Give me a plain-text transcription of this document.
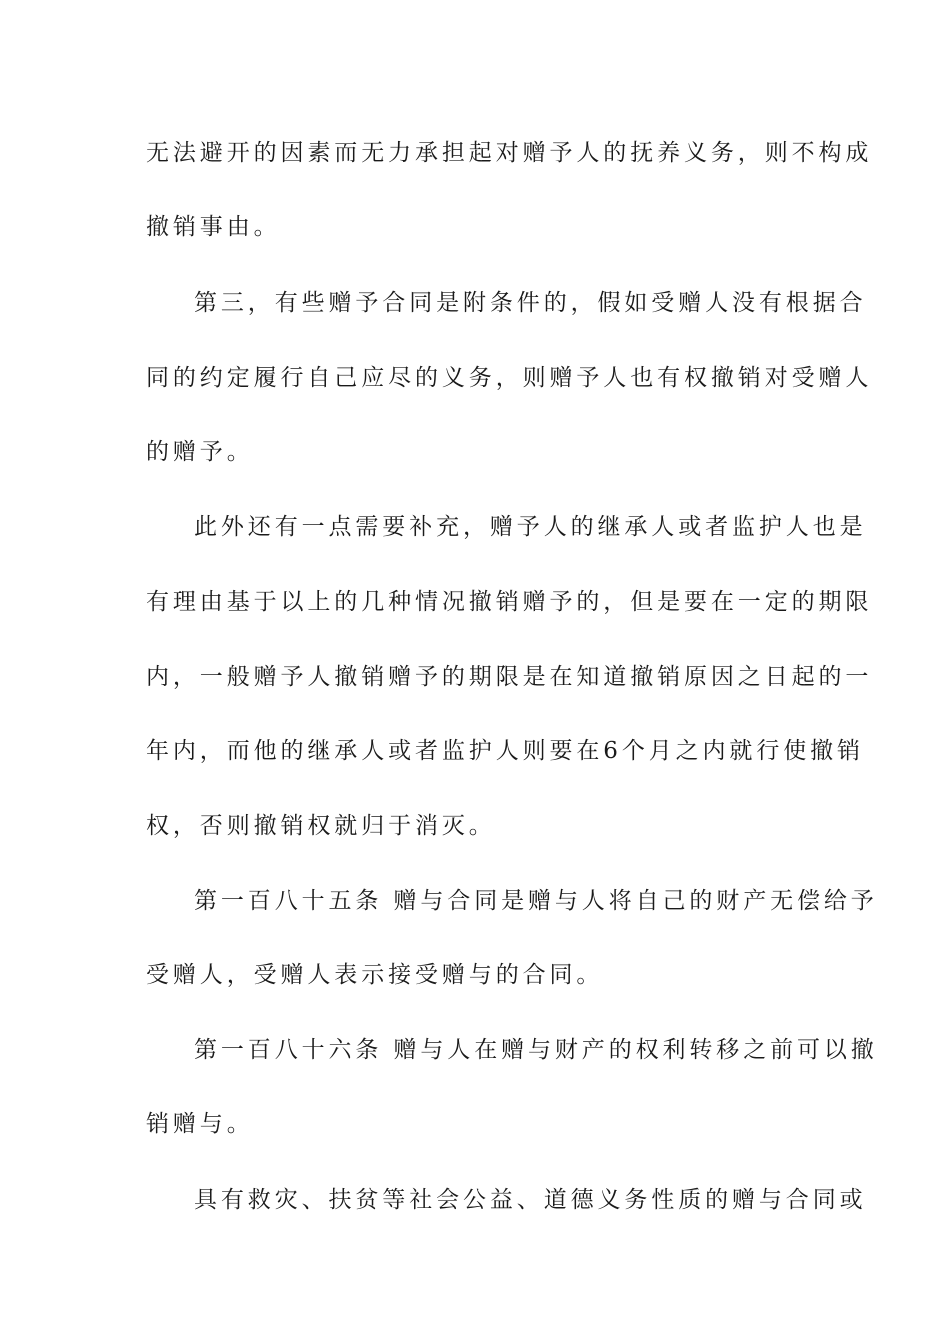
无法避开的因素而无力承担起对赠予人的抚养义务，则不构成
撤销事由。
第三，有些赠予合同是附条件的，假如受赠人没有根据合
同的约定履行自己应尽的义务，则赠予人也有权撤销对受赠人
的赠予。
此外还有一点需要补充，赠予人的继承人或者监护人也是
有理由基于以上的几种情况撤销赠予的，但是要在一定的期限
内，一般赠予人撤销赠予的期限是在知道撤销原因之日起的一
年内，而他的继承人或者监护人则要在6个月之内就行使撤销
权，否则撤销权就归于消灭。
第一百八十五条 赠与合同是赠与人将自己的财产无偿给予
受赠人，受赠人表示接受赠与的合同。
第一百八十六条 赠与人在赠与财产的权利转移之前可以撤
销赠与。
具有救灾、扶贫等社会公益、道德义务性质的赠与合同或
